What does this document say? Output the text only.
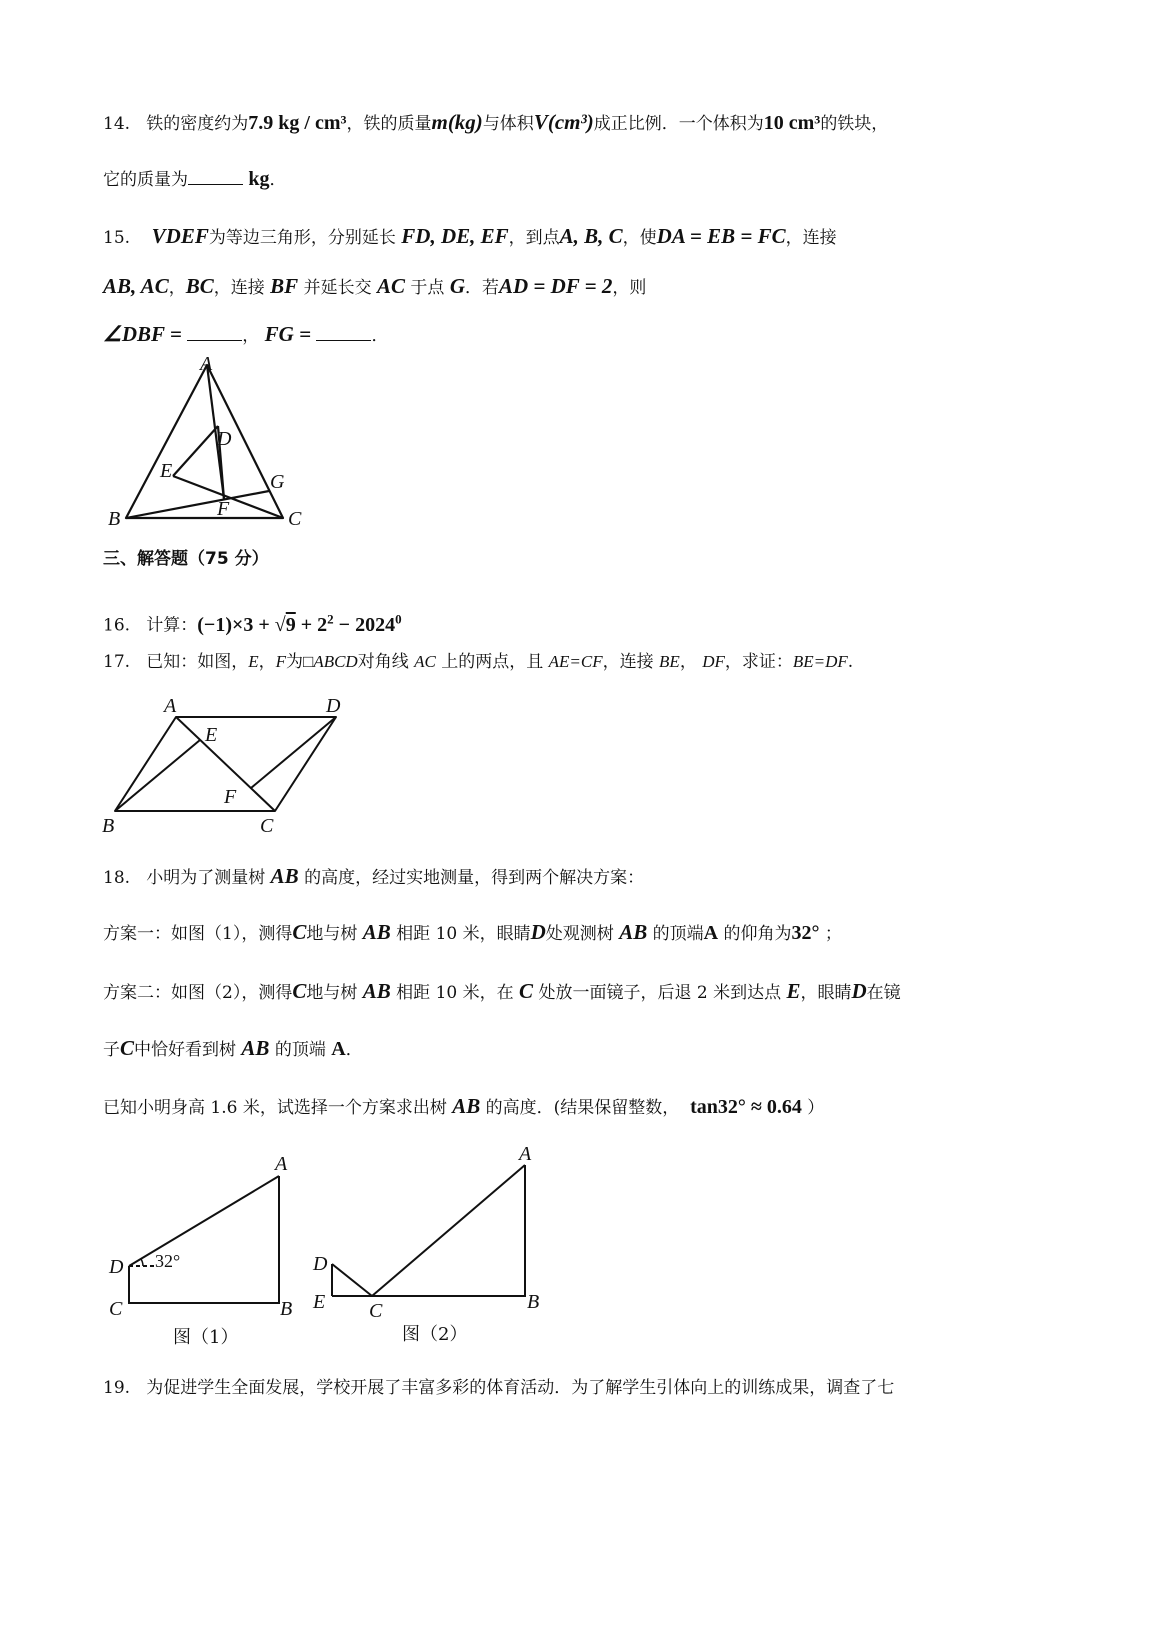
14. 铁的密度约为7.9 kg / cm³，铁的质量m(kg)与体积V(cm³)成正比例．一个体积为10 cm³的铁块，
它的质量为	kg．
15. VDEF为等边三角形，分别延长 FD, DE, EF，到点A, B, C，使DA = EB = FC，连接
AB, AC，BC，连接 BF 并延长交 AC 于点 G．若AD = DF = 2，则
∠DBF =	， FG =	．
A
D
E	G
F
B	C
三、解答题（75 分）
16. 计算：$(-1)\times 3 + √9 + 2^2 - 2024^0$
17. 已知：如图，E，F为□ABCD对角线 AC 上的两点，且 AE=CF，连接 BE， DF，求证：BE=DF.
A	D
E
F
B	C
18. 小明为了测量树 AB 的高度，经过实地测量，得到两个解决方案：
方案一：如图（1），测得C地与树 AB 相距 10 米，眼睛D处观测树 AB 的顶端A 的仰角为32° ；
方案二：如图（2），测得C地与树 AB 相距 10 米，在 C 处放一面镜子，后退 2 米到达点 E，眼睛D在镜
子C中恰好看到树 AB 的顶端 A．
已知小明身高 1.6 米，试选择一个方案求出树 AB 的高度．(结果保留整数， tan32° ≈ 0.64 ）
A
D 32°
C	B
图（1）
A
D
E C	B
图（2）
19. 为促进学生全面发展，学校开展了丰富多彩的体育活动．为了解学生引体向上的训练成果，调查了七
